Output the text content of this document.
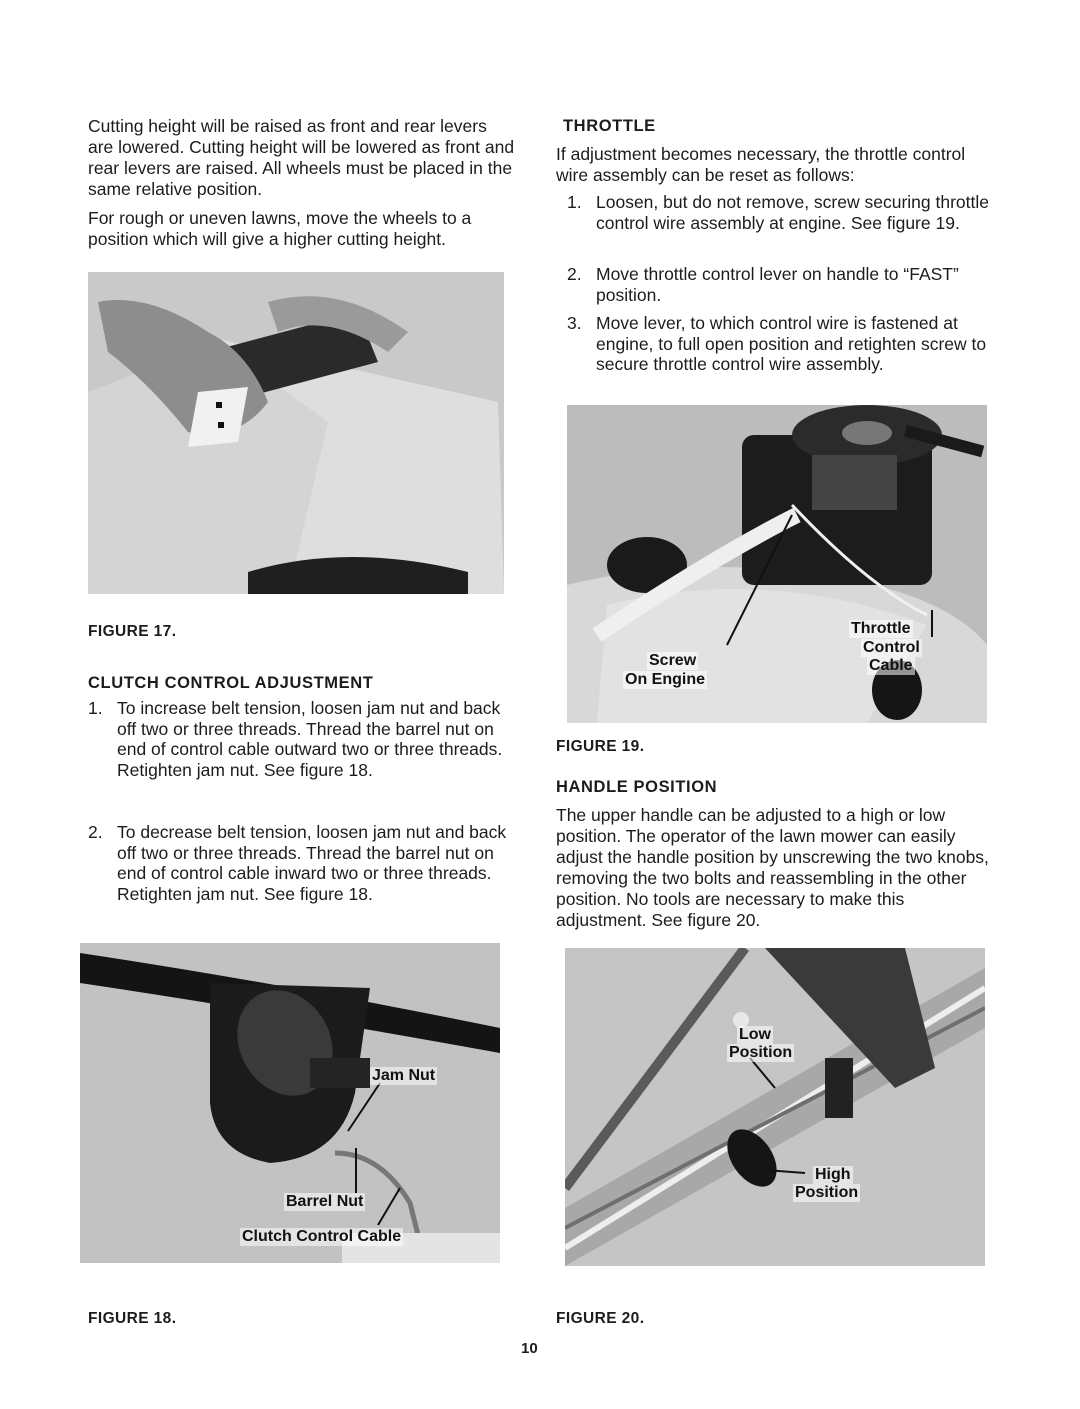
Cutting height will be raised as front and rear levers are lowered. Cutting height will be lowered as front and rear levers are raised. All wheels must be placed in the same relative position.

For rough or uneven lawns, move the wheels to a position which will give a higher cutting height.

FIGURE 17.

CLUTCH CONTROL ADJUSTMENT

1. To increase belt tension, loosen jam nut and back off two or three threads. Thread the barrel nut on end of control cable outward two or three threads. Retighten jam nut. See figure 18.
2. To decrease belt tension, loosen jam nut and back off two or three threads. Thread the barrel nut on end of control cable inward two or three threads. Retighten jam nut. See figure 18.
Jam Nut
Barrel Nut
Clutch Control Cable

FIGURE 18.

THROTTLE

If adjustment becomes necessary, the throttle control wire assembly can be reset as follows:

1. Loosen, but do not remove, screw securing throttle control wire assembly at engine. See figure 19.
2. Move throttle control lever on handle to “FAST” position.
3. Move lever, to which control wire is fastened at engine, to full open position and retighten screw to secure throttle control wire assembly.
Throttle
Control
Cable
Screw
On Engine

FIGURE 19.

HANDLE POSITION

The upper handle can be adjusted to a high or low position. The operator of the lawn mower can easily adjust the handle position by unscrewing the two knobs, removing the two bolts and reassembling in the other position. No tools are necessary to make this adjustment. See figure 20.

Low
Position
High
Position

FIGURE 20.

10
